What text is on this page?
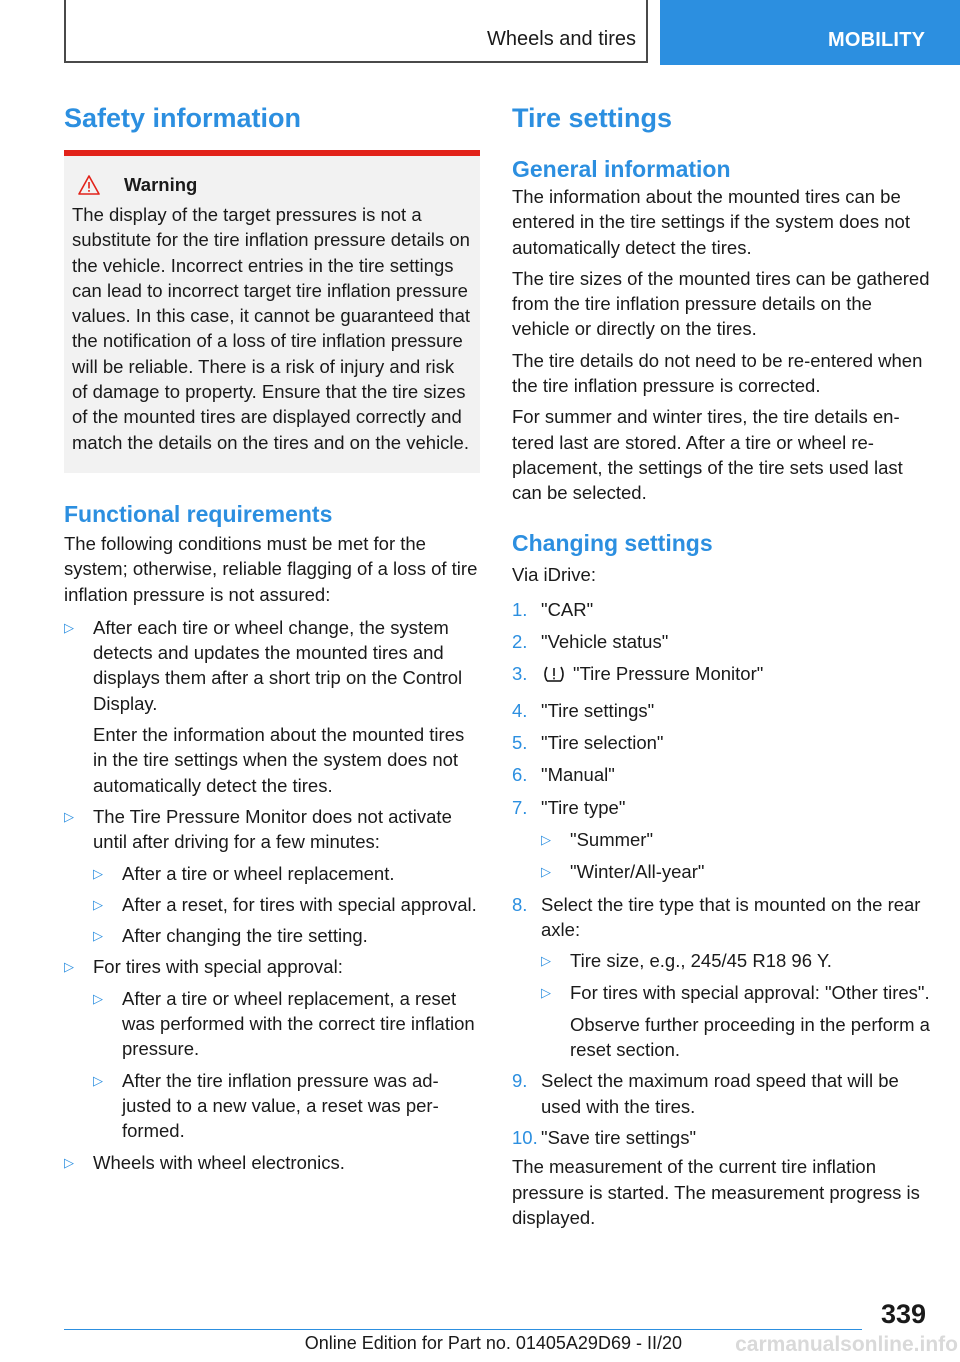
Wheels and tires	MOBILITY
Safety information
Warning

The display of the target pressures is not a substitute for the tire inflation pressure details on the vehicle. Incorrect entries in the tire settings can lead to incorrect target tire inflation pressure values. In this case, it cannot be guaranteed that the notification of a loss of tire inflation pressure will be reliable. There is a risk of injury and risk of damage to property. Ensure that the tire sizes of the mounted tires are displayed correctly and match the details on the tires and on the vehicle.

Functional requirements

The following conditions must be met for the system; otherwise, reliable flagging of a loss of tire inflation pressure is not assured:

▷ After each tire or wheel change, the system detects and updates the mounted tires and displays them after a short trip on the Control Display.

Enter the information about the mounted tires in the tire settings when the system does not automatically detect the tires.

▷ The Tire Pressure Monitor does not activate until after driving for a few minutes:

▷ After a tire or wheel replacement.

▷ After a reset, for tires with special approval.

▷ After changing the tire setting.

▷ For tires with special approval:

▷ After a tire or wheel replacement, a reset was performed with the correct tire inflation pressure.

▷ After the tire inflation pressure was adjusted to a new value, a reset was performed.

▷ Wheels with wheel electronics.

Tire settings
General information

The information about the mounted tires can be entered in the tire settings if the system does not automatically detect the tires.

The tire sizes of the mounted tires can be gathered from the tire inflation pressure details on the vehicle or directly on the tires.

The tire details do not need to be re-entered when the tire inflation pressure is corrected.

For summer and winter tires, the tire details entered last are stored. After a tire or wheel replacement, the settings of the tire sets used last can be selected.

Changing settings

Via iDrive:

1. "CAR"

2. "Vehicle status"

3.	"Tire Pressure Monitor"

4. "Tire settings"

5. "Tire selection"

6. "Manual"

7. "Tire type"

▷ "Summer"

▷ "Winter/All-year"

8. Select the tire type that is mounted on the rear axle:

▷ Tire size, e.g., 245/45 R18 96 Y.

▷ For tires with special approval: "Other tires".

Observe further proceeding in the perform a reset section.

9. Select the maximum road speed that will be used with the tires.

10. "Save tire settings"

The measurement of the current tire inflation pressure is started. The measurement progress is displayed.

339
Online Edition for Part no. 01405A29D69 - II/20	carmanualsonline.info
